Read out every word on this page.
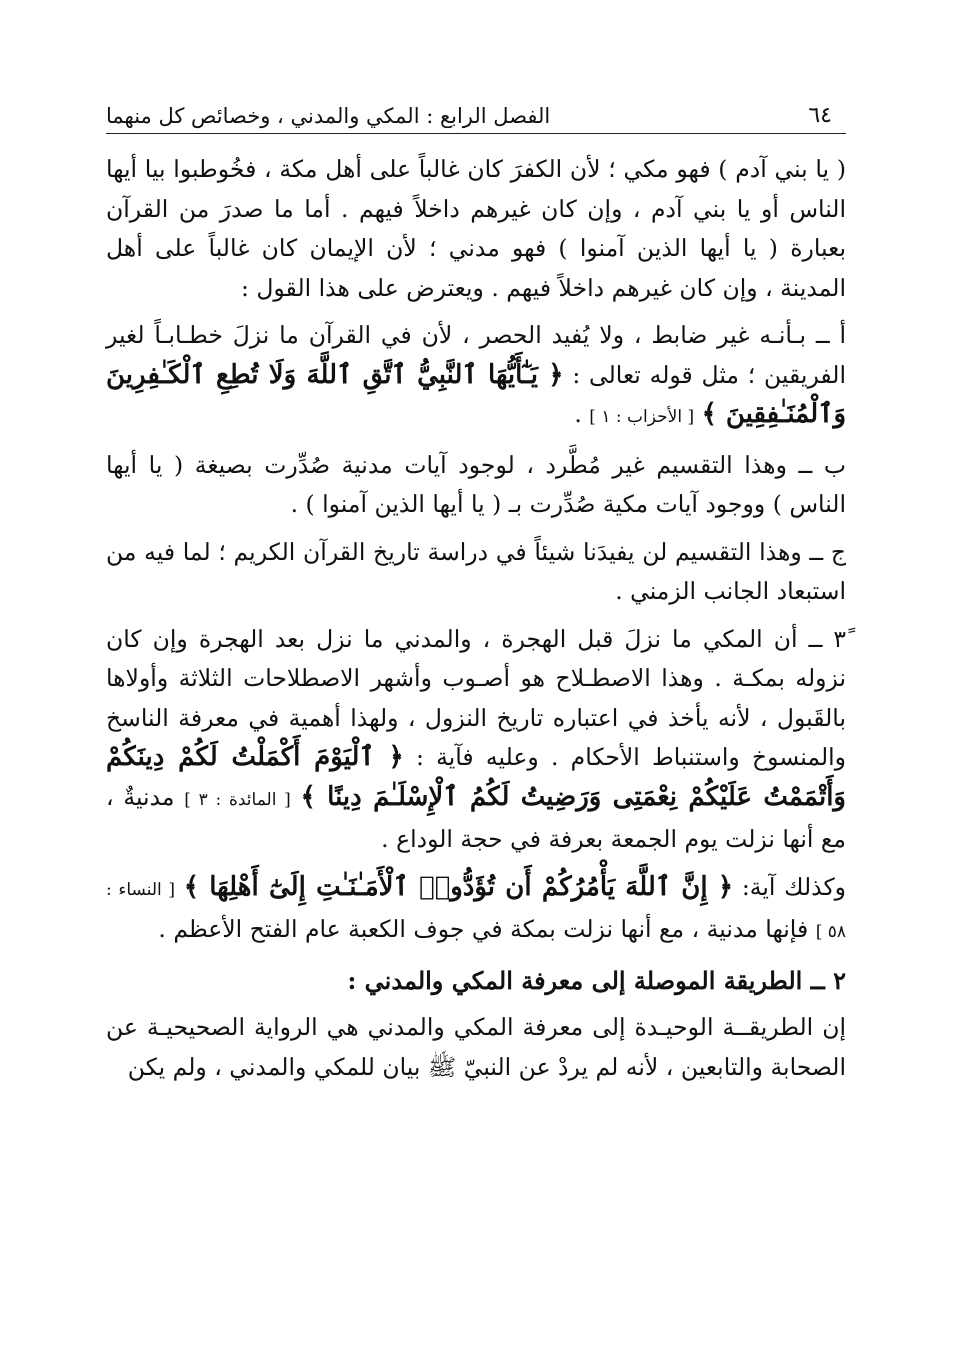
٦٤
الفصل الرابع : المكي والمدني ، وخصائص كل منهما

( يا بني آدم ) فهو مكي ؛ لأن الكفرَ كان غالباً على أهل مكة ، فخُوطبوا بيا أيها الناس أو يا بني آدم ، وإن كان غيرهم داخلاً فيهم . أما ما صدرَ من القرآن بعبارة ( يا أيها الذين آمنوا ) فهو مدني ؛ لأن الإيمان كان غالباً على أهل المدينة ، وإن كان غيرهم داخلاً فيهم . ويعترض على هذا القول :

أ ــ بـأنـه غير ضابط ، ولا يُفيد الحصر ، لأن في القرآن ما نزلَ خطـابـاً لغير الفريقين ؛ مثل قوله تعالى : ﴿ يَـٰٓأَيُّهَا ٱلنَّبِيُّ ٱتَّقِ ٱللَّهَ وَلَا تُطِعِ ٱلْكَـٰفِرِينَ وَٱلْمُنَـٰفِقِينَ ﴾ [ الأحزاب : ١ ] .

ب ــ وهذا التقسيم غير مُطَّرد ، لوجود آيات مدنية صُدِّرت بصيغة ( يا أيها الناس ) ووجود آيات مكية صُدِّرت بـ ( يا أيها الذين آمنوا ) .

ج ــ وهذا التقسيم لن يفيدَنا شيئاً في دراسة تاريخ القرآن الكريم ؛ لما فيه من استبعاد الجانب الزمني .

٣ً ــ أن المكي ما نزلَ قبل الهجرة ، والمدني ما نزل بعد الهجرة وإن كان نزوله بمكـة . وهذا الاصطـلاح هو أصـوب وأشهر الاصطلاحات الثلاثة وأولاها بالقَبول ، لأنه يأخذ في اعتباره تاريخ النزول ، ولهذا أهمية في معرفة الناسخ والمنسوخ واستنباط الأحكام . وعليه فآية : ﴿ ٱلْيَوْمَ أَكْمَلْتُ لَكُمْ دِينَكُمْ وَأَتْمَمْتُ عَلَيْكُمْ نِعْمَتِى وَرَضِيتُ لَكُمُ ٱلْإِسْلَـٰمَ دِينًا ﴾ [ المائدة : ٣ ] مدنيةٌ ، مع أنها نزلت يوم الجمعة بعرفة في حجة الوداع .

وكذلك آية: ﴿ إِنَّ ٱللَّهَ يَأْمُرُكُمْ أَن تُؤَدُّوا۟ ٱلْأَمَـٰنَـٰتِ إِلَىٰٓ أَهْلِهَا ﴾ [ النساء : ٥٨ ] فإنها مدنية ، مع أنها نزلت بمكة في جوف الكعبة عام الفتح الأعظم .

٢ ــ الطريقة الموصلة إلى معرفة المكي والمدني :

إن الطريقــة الوحيـدة إلى معرفة المكي والمدني هي الرواية الصحيحيـة عن الصحابة والتابعين ، لأنه لم يردْ عن النبيّ ﷺ بيان للمكي والمدني ، ولم يكن
